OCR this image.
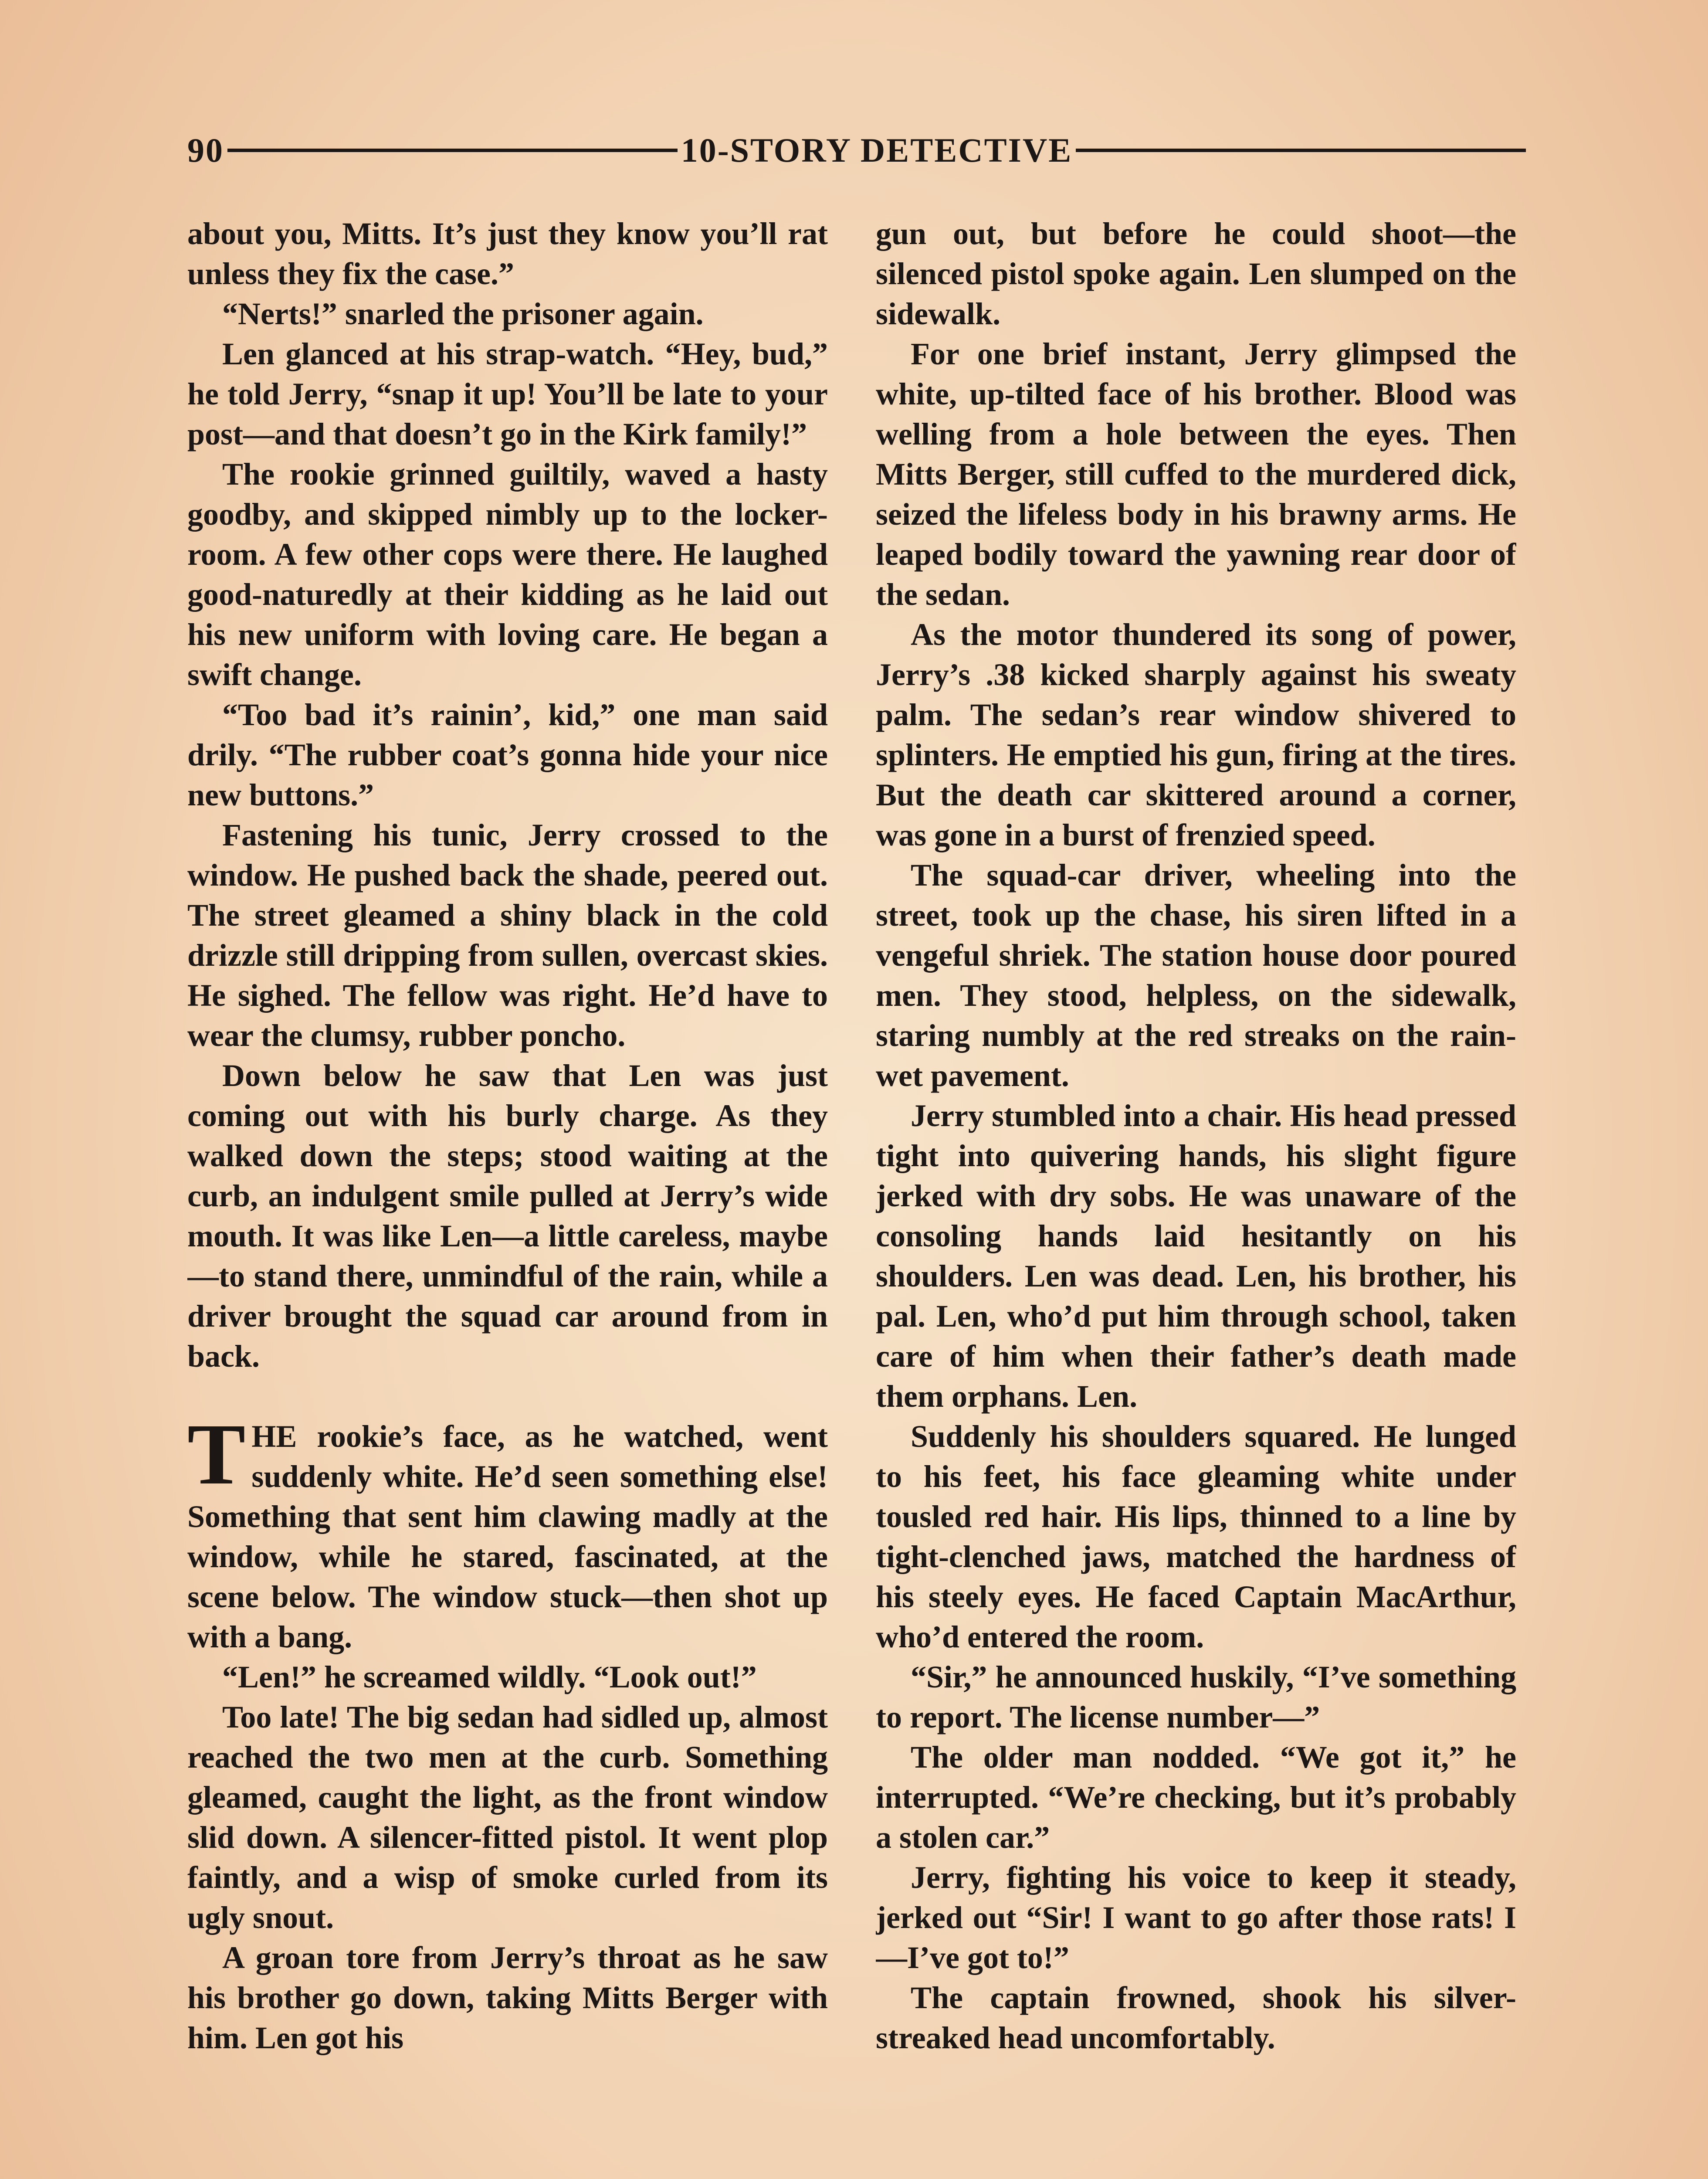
90	10-STORY DETECTIVE

about you, Mitts. It’s just they know you’ll rat unless they fix the case.”

“Nerts!” snarled the prisoner again.

Len glanced at his strap-watch. “Hey, bud,” he told Jerry, “snap it up! You’ll be late to your post—and that doesn’t go in the Kirk family!”

The rookie grinned guiltily, waved a hasty goodby, and skipped nimbly up to the locker-room. A few other cops were there. He laughed good-naturedly at their kidding as he laid out his new uniform with loving care. He began a swift change.

“Too bad it’s rainin’, kid,” one man said drily. “The rubber coat’s gonna hide your nice new buttons.”

Fastening his tunic, Jerry crossed to the window. He pushed back the shade, peered out. The street gleamed a shiny black in the cold drizzle still dripping from sullen, overcast skies. He sighed. The fellow was right. He’d have to wear the clumsy, rubber poncho.

Down below he saw that Len was just coming out with his burly charge. As they walked down the steps; stood waiting at the curb, an indulgent smile pulled at Jerry’s wide mouth. It was like Len—a little careless, maybe—to stand there, unmindful of the rain, while a driver brought the squad car around from in back.

THE rookie’s face, as he watched, went suddenly white. He’d seen something else! Something that sent him clawing madly at the window, while he stared, fascinated, at the scene below. The window stuck—then shot up with a bang.

“Len!” he screamed wildly. “Look out!”

Too late! The big sedan had sidled up, almost reached the two men at the curb. Something gleamed, caught the light, as the front window slid down. A silencer-fitted pistol. It went plop faintly, and a wisp of smoke curled from its ugly snout.

A groan tore from Jerry’s throat as he saw his brother go down, taking Mitts Berger with him. Len got his

gun out, but before he could shoot—the silenced pistol spoke again. Len slumped on the sidewalk.

For one brief instant, Jerry glimpsed the white, up-tilted face of his brother. Blood was welling from a hole between the eyes. Then Mitts Berger, still cuffed to the murdered dick, seized the lifeless body in his brawny arms. He leaped bodily toward the yawning rear door of the sedan.

As the motor thundered its song of power, Jerry’s .38 kicked sharply against his sweaty palm. The sedan’s rear window shivered to splinters. He emptied his gun, firing at the tires. But the death car skittered around a corner, was gone in a burst of frenzied speed.

The squad-car driver, wheeling into the street, took up the chase, his siren lifted in a vengeful shriek. The station house door poured men. They stood, helpless, on the sidewalk, staring numbly at the red streaks on the rain-wet pavement.

Jerry stumbled into a chair. His head pressed tight into quivering hands, his slight figure jerked with dry sobs. He was unaware of the consoling hands laid hesitantly on his shoulders. Len was dead. Len, his brother, his pal. Len, who’d put him through school, taken care of him when their father’s death made them orphans. Len.

Suddenly his shoulders squared. He lunged to his feet, his face gleaming white under tousled red hair. His lips, thinned to a line by tight-clenched jaws, matched the hardness of his steely eyes. He faced Captain MacArthur, who’d entered the room.

“Sir,” he announced huskily, “I’ve something to report. The license number—”

The older man nodded. “We got it,” he interrupted. “We’re checking, but it’s probably a stolen car.”

Jerry, fighting his voice to keep it steady, jerked out “Sir! I want to go after those rats! I—I’ve got to!”

The captain frowned, shook his silver-streaked head uncomfortably.
